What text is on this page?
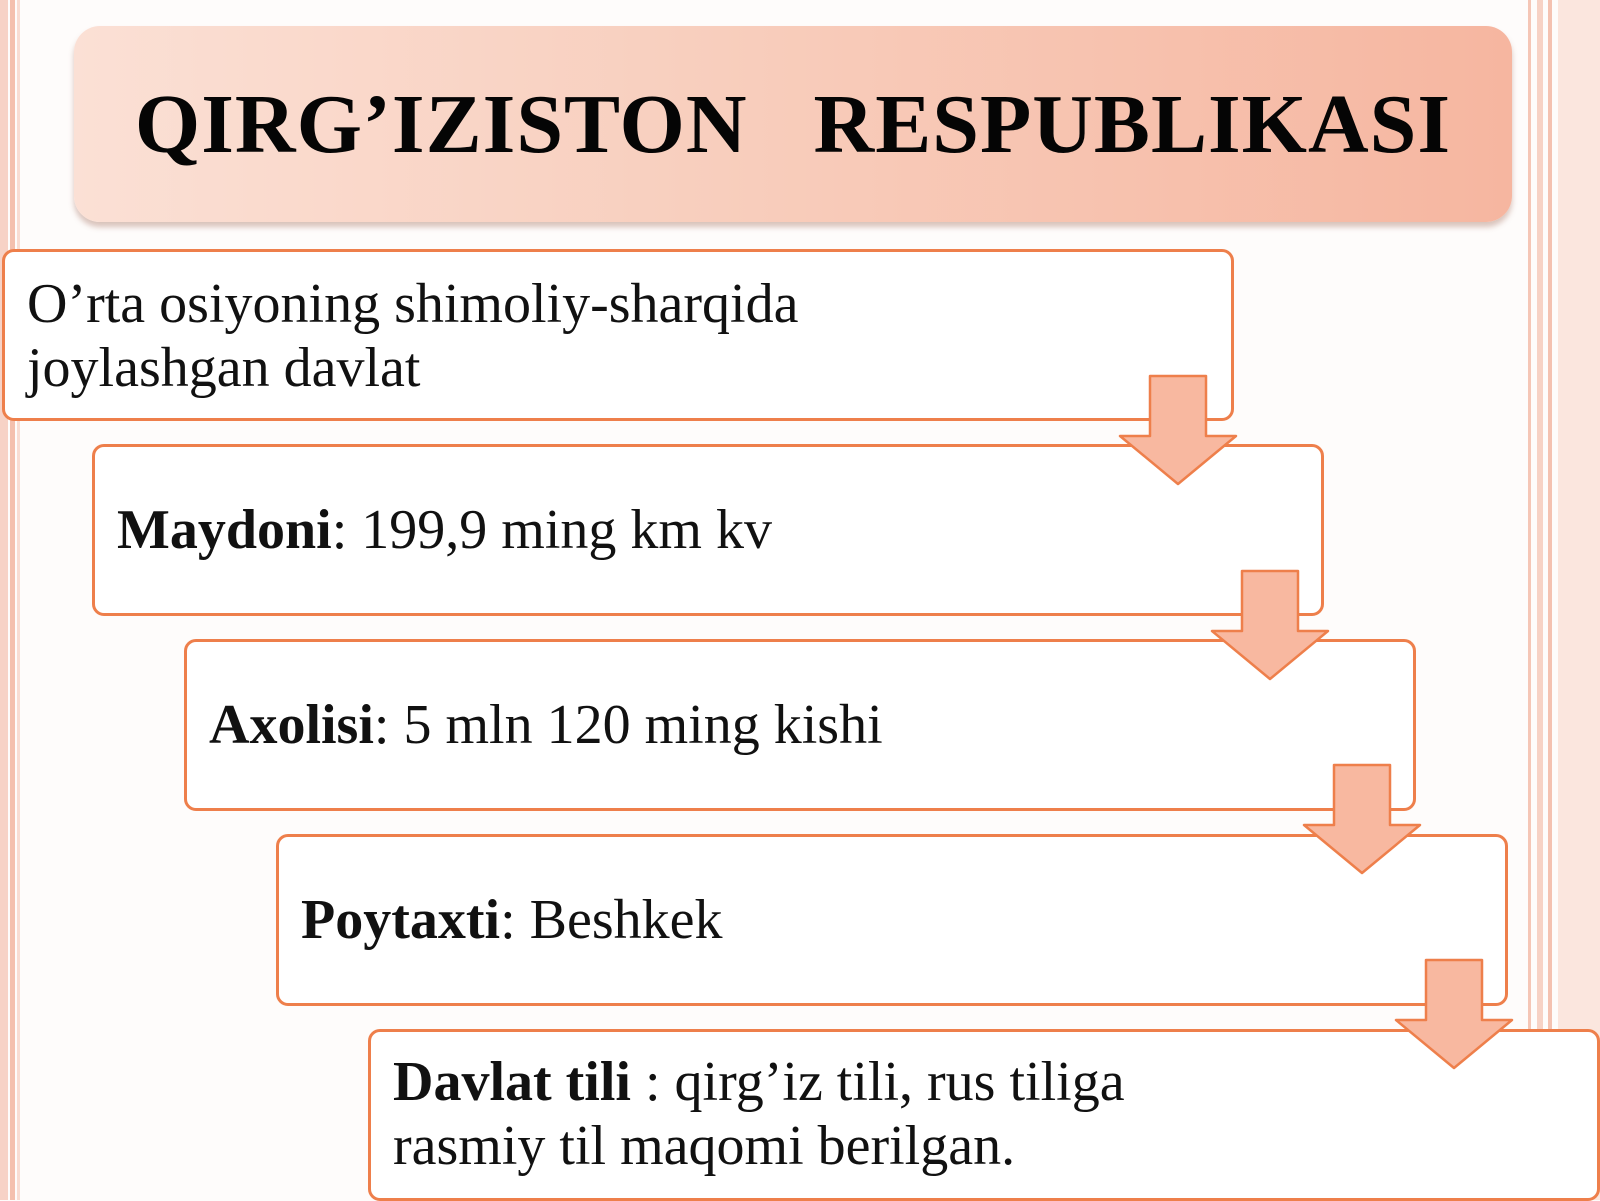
QIRG’IZISTON   RESPUBLIKASI
O’rta osiyoning shimoliy-sharqida
joylashgan davlat
Maydoni: 199,9 ming km kv
Axolisi: 5 mln 120 ming kishi
Poytaxti: Beshkek
Davlat tili : qirg’iz tili, rus tiliga
rasmiy til maqomi berilgan.
